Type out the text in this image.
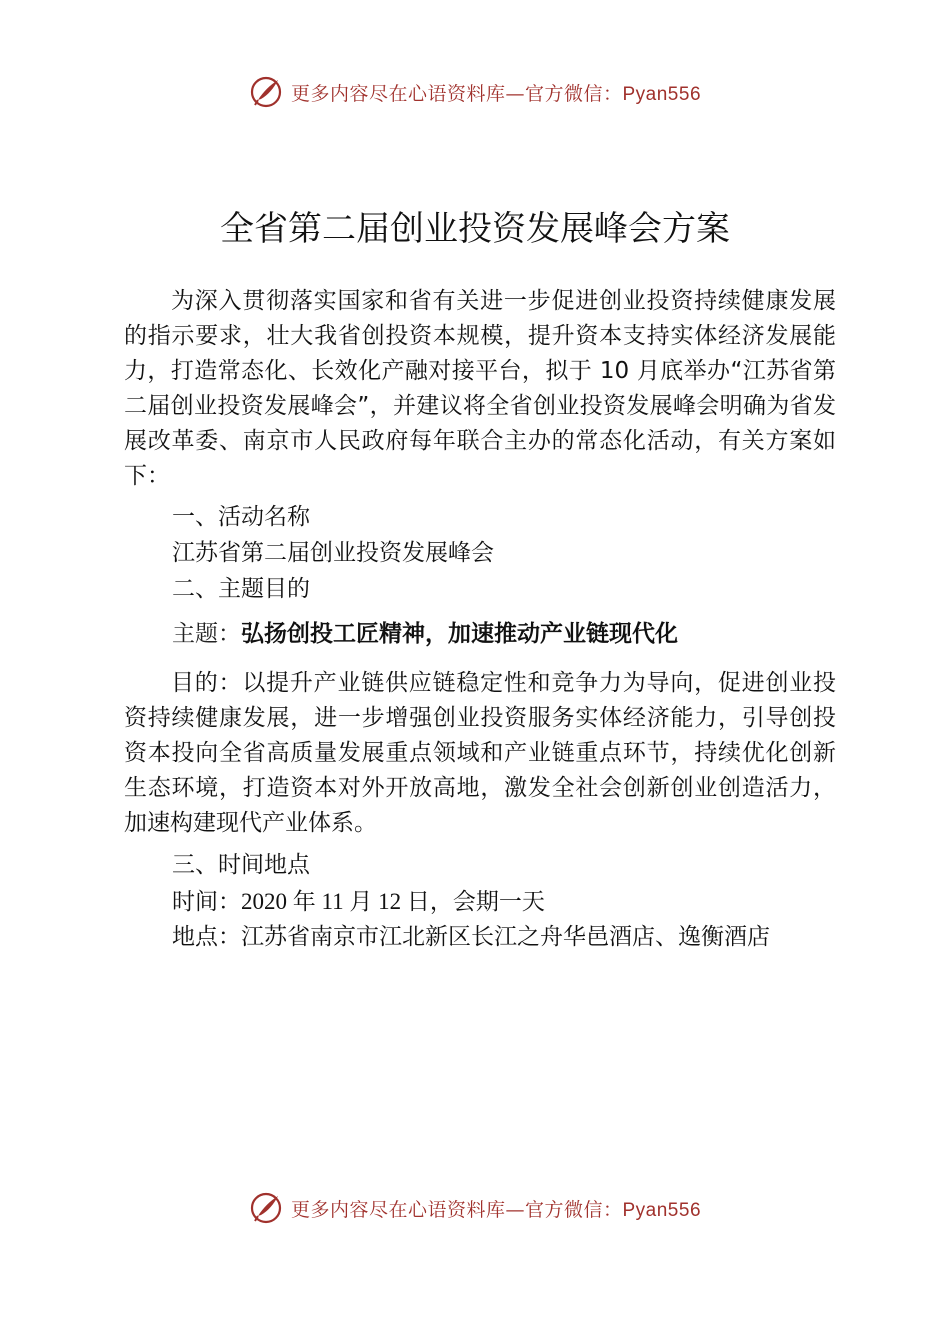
更多内容尽在心语资料库—官方微信：Pyan556
全省第二届创业投资发展峰会方案
为深入贯彻落实国家和省有关进一步促进创业投资持续健康发展的指示要求，壮大我省创投资本规模，提升资本支持实体经济发展能力，打造常态化、长效化产融对接平台，拟于 10 月底举办“江苏省第二届创业投资发展峰会”，并建议将全省创业投资发展峰会明确为省发展改革委、南京市人民政府每年联合主办的常态化活动，有关方案如下：
一、活动名称
江苏省第二届创业投资发展峰会
二、主题目的
主题：弘扬创投工匠精神，加速推动产业链现代化
目的：以提升产业链供应链稳定性和竞争力为导向，促进创业投资持续健康发展，进一步增强创业投资服务实体经济能力，引导创投资本投向全省高质量发展重点领域和产业链重点环节，持续优化创新生态环境，打造资本对外开放高地，激发全社会创新创业创造活力，加速构建现代产业体系。
三、时间地点
时间：2020 年 11 月 12 日，会期一天
地点：江苏省南京市江北新区长江之舟华邑酒店、逸衡酒店
更多内容尽在心语资料库—官方微信：Pyan556
